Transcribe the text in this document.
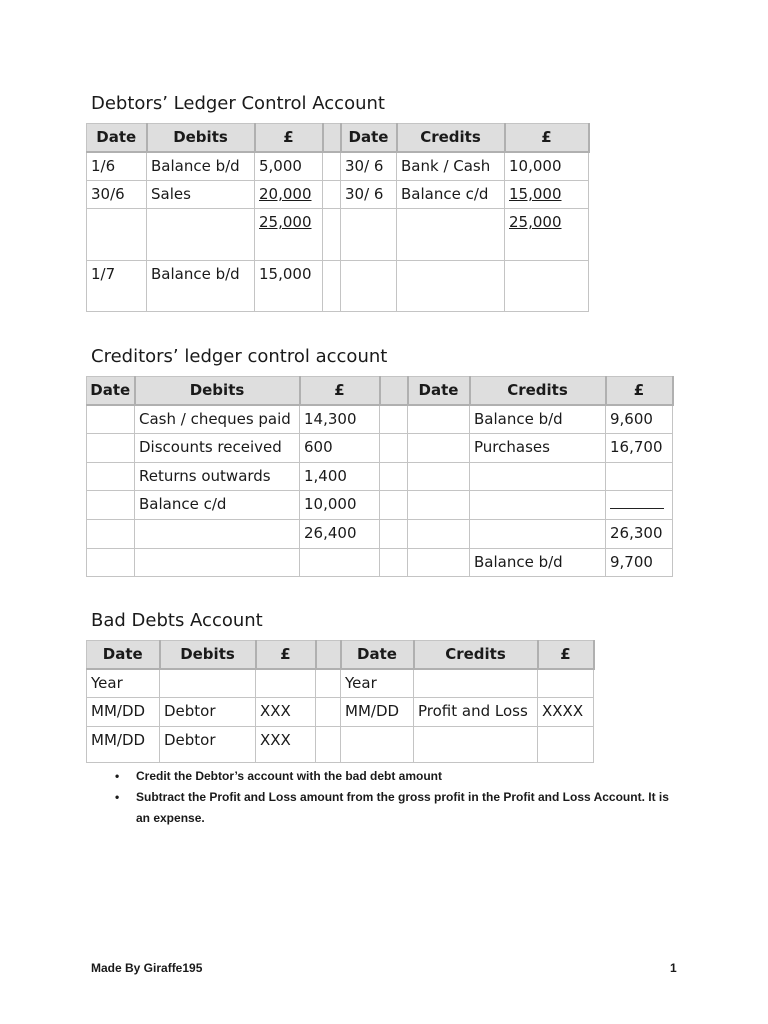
Debtors’ Ledger Control Account
Date	Debits	£		Date	Credits	£
1/6	Balance b/d	5,000		30/ 6	Bank / Cash	10,000
30/6	Sales	20,000		30/ 6	Balance c/d	15,000
		25,000				25,000
1/7	Balance b/d	15,000				
Creditors’ ledger control account
Date	Debits	£		Date	Credits	£
	Cash / cheques paid	14,300			Balance b/d	9,600
	Discounts received	600			Purchases	16,700
	Returns outwards	1,400				
	Balance c/d	10,000				
		26,400				26,300
					Balance b/d	9,700
Bad Debts Account
Date	Debits	£		Date	Credits	£
Year				Year		
MM/DD	Debtor	XXX		MM/DD	Profit and Loss	XXXX
MM/DD	Debtor	XXX				
• Credit the Debtor’s account with the bad debt amount
• Subtract the Profit and Loss amount from the gross profit in the Profit and Loss Account. It is an expense.
Made By Giraffe195	1
